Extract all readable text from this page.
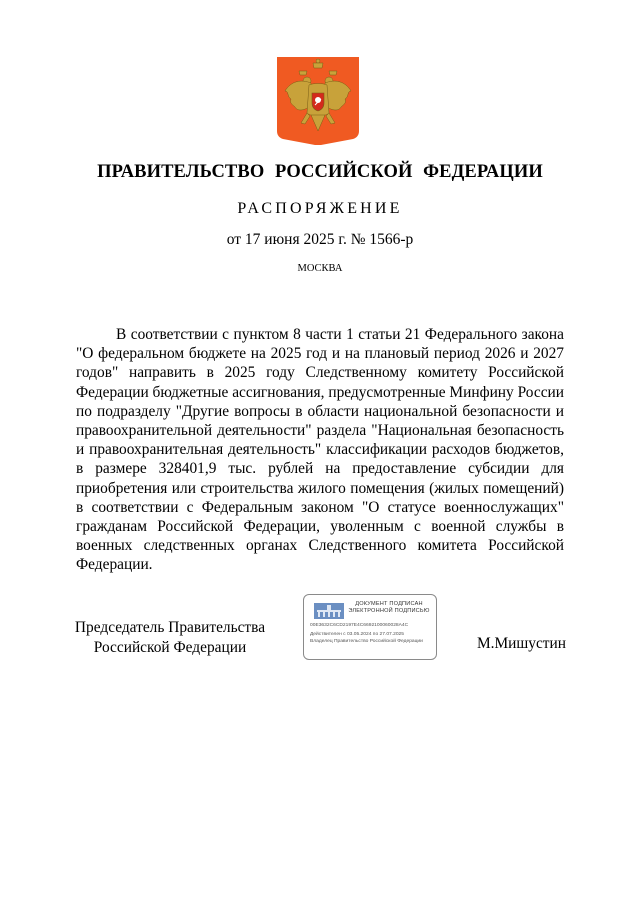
ПРАВИТЕЛЬСТВО РОССИЙСКОЙ ФЕДЕРАЦИИ
РАСПОРЯЖЕНИЕ
от 17 июня 2025 г. № 1566-р
МОСКВА
В соответствии с пунктом 8 части 1 статьи 21 Федерального закона "О федеральном бюджете на 2025 год и на плановый период 2026 и 2027 годов" направить в 2025 году Следственному комитету Российской Федерации бюджетные ассигнования, предусмотренные Минфину России по подразделу "Другие вопросы в области национальной безопасности и правоохранительной деятельности" раздела "Национальная безопасность и правоохранительная деятельность" классификации расходов бюджетов, в размере 328401,9 тыс. рублей на предоставление субсидии для приобретения или строительства жилого помещения (жилых помещений) в соответствии с Федеральным законом "О статусе военнослужащих" гражданам Российской Федерации, уволенным с военной службы в военных следственных органах Следственного комитета Российской Федерации.
Председатель Правительства
Российской Федерации
ДОКУМЕНТ ПОДПИСАН
ЭЛЕКТРОННОЙ ПОДПИСЬЮ
00E3632C6CD2197E4C6692100060028A4C
Действителен с 03.05.2024 по 27.07.2025
Владелец Правительство Российской Федерации	М.Мишустин
